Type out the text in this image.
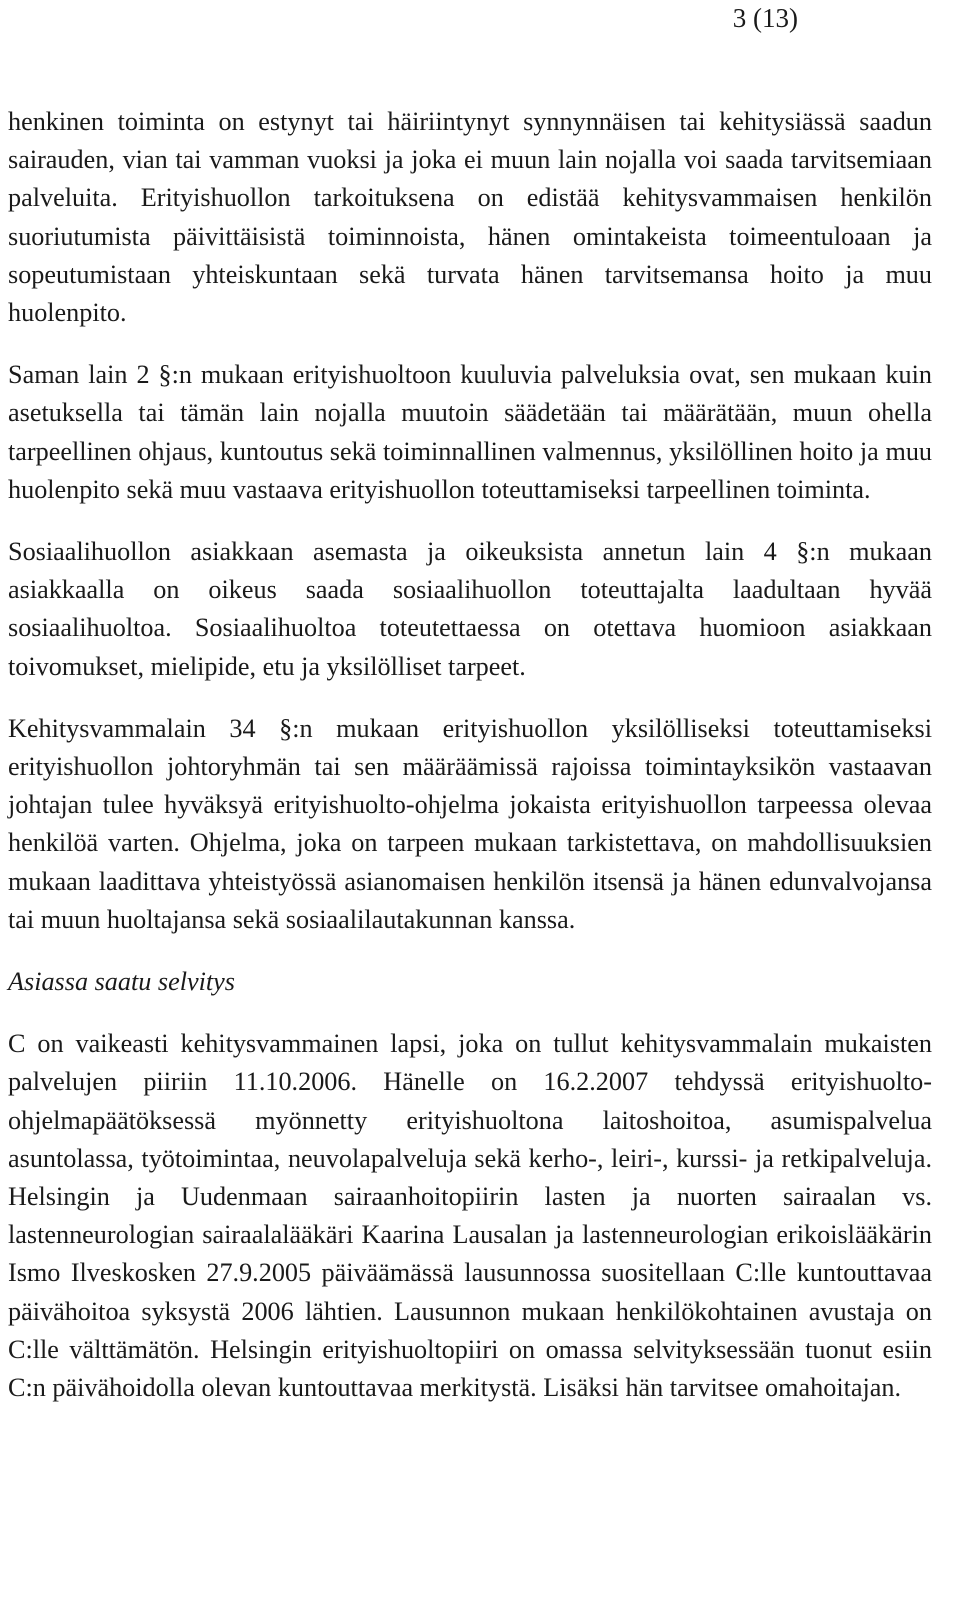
3 (13)

henkinen toiminta on estynyt tai häiriintynyt synnynnäisen tai kehitysiässä saadun sairauden, vian tai vamman vuoksi ja joka ei muun lain nojalla voi saada tarvitsemiaan palveluita. Erityishuollon tarkoituksena on edistää kehitysvammaisen henkilön suoriutumista päivittäisistä toiminnoista, hänen omintakeista toimeentuloaan ja sopeutumistaan yhteiskuntaan sekä turvata hänen tarvitsemansa hoito ja muu huolenpito.

Saman lain 2 §:n mukaan erityishuoltoon kuuluvia palveluksia ovat, sen mukaan kuin asetuksella tai tämän lain nojalla muutoin säädetään tai määrätään, muun ohella tarpeellinen ohjaus, kuntoutus sekä toiminnallinen valmennus, yksilöllinen hoito ja muu huolenpito sekä muu vastaava erityishuollon toteuttamiseksi tarpeellinen toiminta.

Sosiaalihuollon asiakkaan asemasta ja oikeuksista annetun lain 4 §:n mukaan asiakkaalla on oikeus saada sosiaalihuollon toteuttajalta laadultaan hyvää sosiaalihuoltoa. Sosiaalihuoltoa toteutettaessa on otettava huomioon asiakkaan toivomukset, mielipide, etu ja yksilölliset tarpeet.

Kehitysvammalain 34 §:n mukaan erityishuollon yksilölliseksi toteuttamiseksi erityishuollon johtoryhmän tai sen määräämissä rajoissa toimintayksikön vastaavan johtajan tulee hyväksyä erityishuolto-ohjelma jokaista erityishuollon tarpeessa olevaa henkilöä varten. Ohjelma, joka on tarpeen mukaan tarkistettava, on mahdollisuuksien mukaan laadittava yhteistyössä asianomaisen henkilön itsensä ja hänen edunvalvojansa tai muun huoltajansa sekä sosiaalilautakunnan kanssa.

Asiassa saatu selvitys

C on vaikeasti kehitysvammainen lapsi, joka on tullut kehitysvammalain mukaisten palvelujen piiriin 11.10.2006. Hänelle on 16.2.2007 tehdyssä erityishuolto-ohjelmapäätöksessä myönnetty erityishuoltona laitoshoitoa, asumispalvelua asuntolassa, työtoimintaa, neuvolapalveluja sekä kerho-, leiri-, kurssi- ja retkipalveluja. Helsingin ja Uudenmaan sairaanhoitopiirin lasten ja nuorten sairaalan vs. lastenneurologian sairaalalääkäri Kaarina Lausalan ja lastenneurologian erikoislääkärin Ismo Ilveskosken 27.9.2005 päiväämässä lausunnossa suositellaan C:lle kuntouttavaa päivähoitoa syksystä 2006 lähtien. Lausunnon mukaan henkilökohtainen avustaja on C:lle välttämätön. Helsingin erityishuoltopiiri on omassa selvityksessään tuonut esiin C:n päivähoidolla olevan kuntouttavaa merkitystä. Lisäksi hän tarvitsee omahoitajan.
